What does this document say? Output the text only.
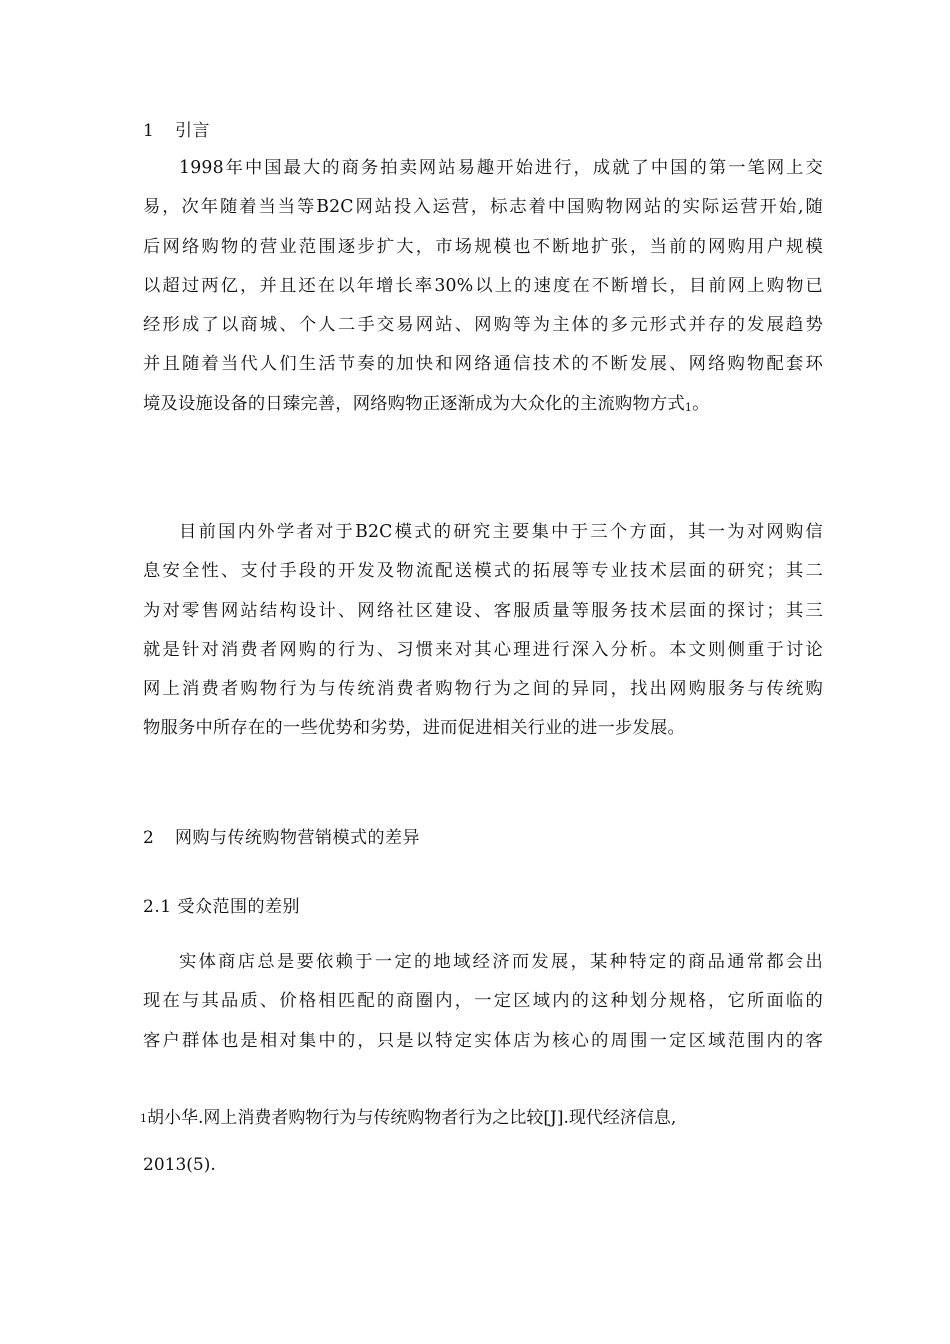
1 引言
1998年中国最大的商务拍卖网站易趣开始进行，成就了中国的第一笔网上交
易，次年随着当当等B2C网站投入运营，标志着中国购物网站的实际运营开始,随
后网络购物的营业范围逐步扩大，市场规模也不断地扩张，当前的网购用户规模
以超过两亿，并且还在以年增长率30%以上的速度在不断增长，目前网上购物已
经形成了以商城、个人二手交易网站、网购等为主体的多元形式并存的发展趋势
并且随着当代人们生活节奏的加快和网络通信技术的不断发展、网络购物配套环
境及设施设备的日臻完善，网络购物正逐渐成为大众化的主流购物方式1。
目前国内外学者对于B2C模式的研究主要集中于三个方面，其一为对网购信
息安全性、支付手段的开发及物流配送模式的拓展等专业技术层面的研究；其二
为对零售网站结构设计、网络社区建设、客服质量等服务技术层面的探讨；其三
就是针对消费者网购的行为、习惯来对其心理进行深入分析。本文则侧重于讨论
网上消费者购物行为与传统消费者购物行为之间的异同，找出网购服务与传统购
物服务中所存在的一些优势和劣势，进而促进相关行业的进一步发展。
2 网购与传统购物营销模式的差异
2.1 受众范围的差别
实体商店总是要依赖于一定的地域经济而发展，某种特定的商品通常都会出
现在与其品质、价格相匹配的商圈内，一定区域内的这种划分规格，它所面临的
客户群体也是相对集中的，只是以特定实体店为核心的周围一定区域范围内的客
1胡小华.网上消费者购物行为与传统购物者行为之比较[J].现代经济信息,
2013(5).
